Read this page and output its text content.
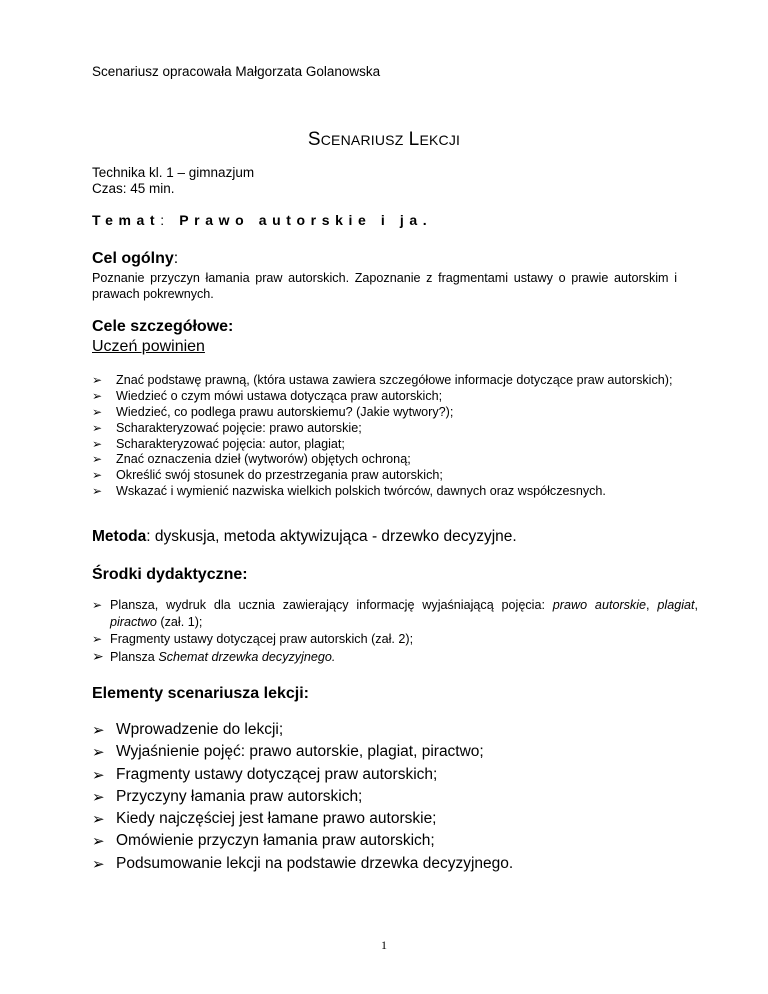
Scenariusz opracowała Małgorzata Golanowska
SCENARIUSZ LEKCJI
Technika kl. 1 – gimnazjum
Czas: 45 min.
Temat: Prawo autorskie i ja.
Cel ogólny:
Poznanie przyczyn łamania praw autorskich. Zapoznanie z fragmentami ustawy o prawie autorskim i prawach pokrewnych.
Cele szczegółowe:
Uczeń powinien
➢ Znać podstawę prawną, (która ustawa zawiera szczegółowe informacje dotyczące praw autorskich);
➢ Wiedzieć o czym mówi ustawa dotycząca praw autorskich;
➢ Wiedzieć, co podlega prawu autorskiemu? (Jakie wytwory?);
➢ Scharakteryzować pojęcie: prawo autorskie;
➢ Scharakteryzować pojęcia: autor, plagiat;
➢ Znać oznaczenia dzieł (wytworów) objętych ochroną;
➢ Określić swój stosunek do przestrzegania praw autorskich;
➢ Wskazać i wymienić nazwiska wielkich polskich twórców, dawnych oraz współczesnych.
Metoda: dyskusja, metoda aktywizująca - drzewko decyzyjne.
Środki dydaktyczne:
➢ Plansza, wydruk dla ucznia zawierający informację wyjaśniającą pojęcia: prawo autorskie, plagiat, piractwo (zał. 1);
➢ Fragmenty ustawy dotyczącej praw autorskich (zał. 2);
➢ Plansza Schemat drzewka decyzyjnego.
Elementy scenariusza lekcji:
➢ Wprowadzenie do lekcji;
➢ Wyjaśnienie pojęć: prawo autorskie, plagiat, piractwo;
➢ Fragmenty ustawy dotyczącej praw autorskich;
➢ Przyczyny łamania praw autorskich;
➢ Kiedy najczęściej jest łamane prawo autorskie;
➢ Omówienie przyczyn łamania praw autorskich;
➢ Podsumowanie lekcji na podstawie drzewka decyzyjnego.
1
